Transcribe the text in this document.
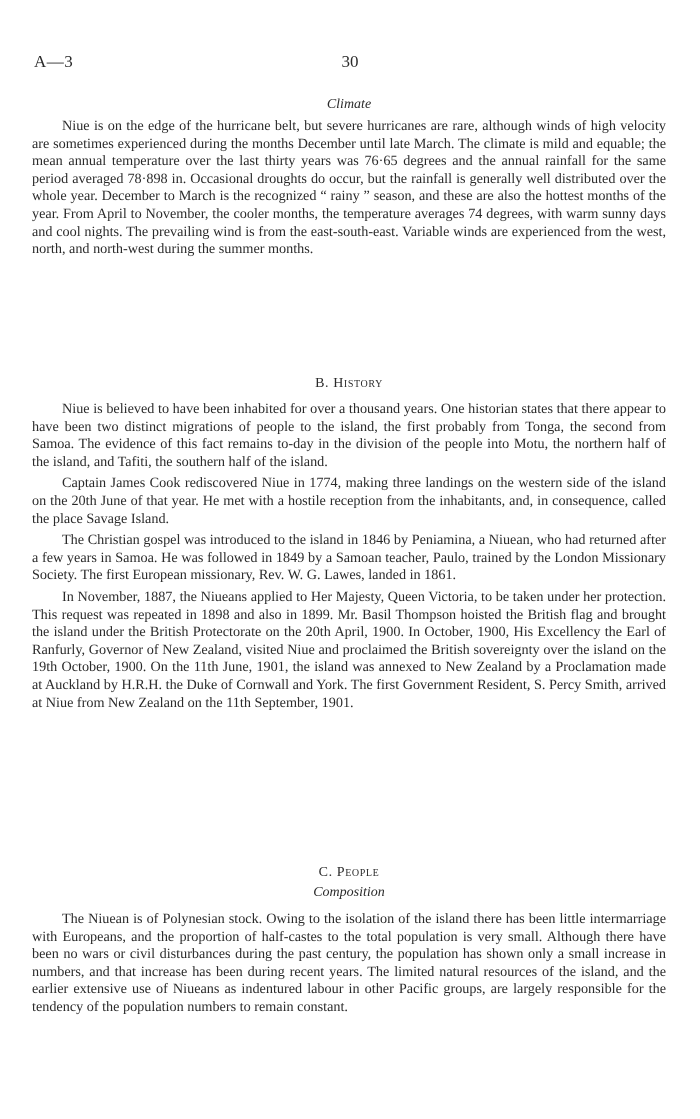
A—3	30
Climate

Niue is on the edge of the hurricane belt, but severe hurricanes are rare, although winds of high velocity are sometimes experienced during the months December until late March. The climate is mild and equable; the mean annual temperature over the last thirty years was 76·65 degrees and the annual rainfall for the same period averaged 78·898 in. Occasional droughts do occur, but the rainfall is generally well distributed over the whole year. December to March is the recognized “ rainy ” season, and these are also the hottest months of the year. From April to November, the cooler months, the temperature averages 74 degrees, with warm sunny days and cool nights. The prevailing wind is from the east-south-east. Variable winds are experienced from the west, north, and north-west during the summer months.

B. History

Niue is believed to have been inhabited for over a thousand years. One historian states that there appear to have been two distinct migrations of people to the island, the first probably from Tonga, the second from Samoa. The evidence of this fact remains to-day in the division of the people into Motu, the northern half of the island, and Tafiti, the southern half of the island.

Captain James Cook rediscovered Niue in 1774, making three landings on the western side of the island on the 20th June of that year. He met with a hostile reception from the inhabitants, and, in consequence, called the place Savage Island.

The Christian gospel was introduced to the island in 1846 by Peniamina, a Niuean, who had returned after a few years in Samoa. He was followed in 1849 by a Samoan teacher, Paulo, trained by the London Missionary Society. The first European missionary, Rev. W. G. Lawes, landed in 1861.

In November, 1887, the Niueans applied to Her Majesty, Queen Victoria, to be taken under her protection. This request was repeated in 1898 and also in 1899. Mr. Basil Thompson hoisted the British flag and brought the island under the British Protectorate on the 20th April, 1900. In October, 1900, His Excellency the Earl of Ranfurly, Governor of New Zealand, visited Niue and proclaimed the British sovereignty over the island on the 19th October, 1900. On the 11th June, 1901, the island was annexed to New Zealand by a Proclamation made at Auckland by H.R.H. the Duke of Cornwall and York. The first Government Resident, S. Percy Smith, arrived at Niue from New Zealand on the 11th September, 1901.

C. People
Composition

The Niuean is of Polynesian stock. Owing to the isolation of the island there has been little intermarriage with Europeans, and the proportion of half-castes to the total population is very small. Although there have been no wars or civil disturbances during the past century, the population has shown only a small increase in numbers, and that increase has been during recent years. The limited natural resources of the island, and the earlier extensive use of Niueans as indentured labour in other Pacific groups, are largely responsible for the tendency of the population numbers to remain constant.
